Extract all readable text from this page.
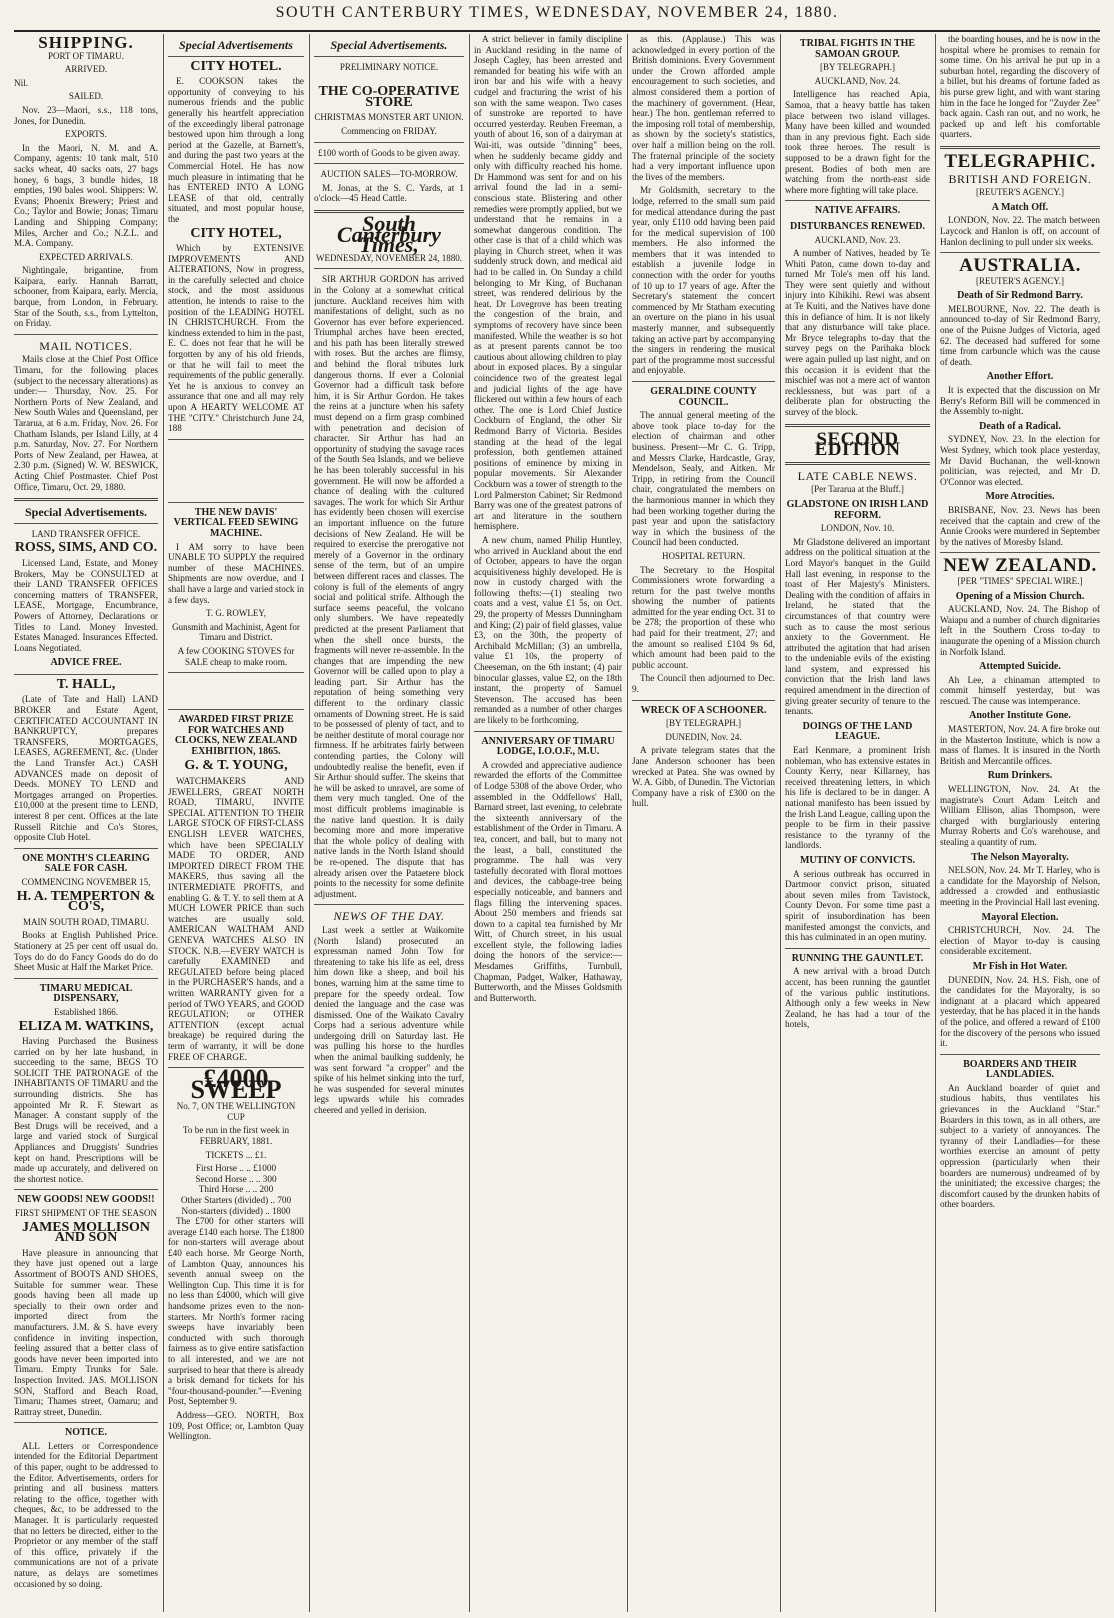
SOUTH CANTERBURY TIMES, WEDNESDAY, NOVEMBER 24, 1880.
SHIPPING.
PORT OF TIMARU.
ARRIVED.

Nil.

SAILED.

Nov. 23—Maori, s.s., 118 tons, Jones, for Dunedin.

EXPORTS.

In the Maori, N. M. and A. Company, agents: 10 tank malt, 510 sacks wheat, 40 sacks oats, 27 bags honey, 6 bags, 3 bundle hides, 18 empties, 190 bales wool. Shippers: W. Evans; Phoenix Brewery; Priest and Co.; Taylor and Bowie; Jonas; Timaru Landing and Shipping Company; Miles, Archer and Co.; N.Z.L. and M.A. Company.

EXPECTED ARRIVALS.

Nightingale, brigantine, from Kaipara, early. Hannah Barratt, schooner, from Kaipara, early. Mercia, barque, from London, in February. Star of the South, s.s., from Lyttelton, on Friday.

MAIL NOTICES.

Mails close at the Chief Post Office Timaru, for the following places (subject to the necessary alterations) as under:— Thursday, Nov. 25. For Northern Ports of New Zealand, and New South Wales and Queensland, per Tararua, at 6 a.m. Friday, Nov. 26. For Chatham Islands, per Island Lilly, at 4 p.m. Saturday, Nov. 27. For Northern Ports of New Zealand, per Hawea, at 2.30 p.m. (Signed) W. W. BESWICK, Acting Chief Postmaster. Chief Post Office, Timaru, Oct. 29, 1880.

Special Advertisements.
LAND TRANSFER OFFICE.
ROSS, SIMS, AND CO.

Licensed Land, Estate, and Money Brokers, May be CONSULTED at their LAND TRANSFER OFFICES concerning matters of TRANSFER, LEASE, Mortgage, Encumbrance, Powers of Attorney, Declarations or Titles to Land. Money Invested. Estates Managed. Insurances Effected. Loans Negotiated.

ADVICE FREE.
T. HALL,

(Late of Tate and Hall) LAND BROKER and Estate Agent, CERTIFICATED ACCOUNTANT IN BANKRUPTCY, prepares TRANSFERS, MORTGAGES, LEASES, AGREEMENT, &c. (Under the Land Transfer Act.) CASH ADVANCES made on deposit of Deeds. MONEY TO LEND and Mortgages arranged on Properties. £10,000 at the present time to LEND, interest 8 per cent. Offices at the late Russell Ritchie and Co's Stores, opposite Club Hotel.

ONE MONTH'S CLEARING SALE FOR CASH.
COMMENCING NOVEMBER 15,
H. A. TEMPERTON & CO'S,
MAIN SOUTH ROAD, TIMARU.

Books at English Published Price. Stationery at 25 per cent off usual do. Toys do do do Fancy Goods do do do Sheet Music at Half the Market Price.

TIMARU MEDICAL DISPENSARY,
Established 1866.
ELIZA M. WATKINS,

Having Purchased the Business carried on by her late husband, in succeeding to the same, BEGS TO SOLICIT THE PATRONAGE of the INHABITANTS OF TIMARU and the surrounding districts. She has appointed Mr R. F. Stewart as Manager. A constant supply of the Best Drugs will be received, and a large and varied stock of Surgical Appliances and Druggists' Sundries kept on hand. Prescriptions will be made up accurately, and delivered on the shortest notice.

NEW GOODS! NEW GOODS!!
FIRST SHIPMENT OF THE SEASON
JAMES MOLLISON AND SON

Have pleasure in announcing that they have just opened out a large Assortment of BOOTS AND SHOES, Suitable for summer wear. These goods having been all made up specially to their own order and imported direct from the manufacturers. J.M. & S. have every confidence in inviting inspection, feeling assured that a better class of goods have never been imported into Timaru. Empty Trunks for Sale. Inspection Invited. JAS. MOLLISON SON, Stafford and Beach Road, Timaru; Thames street, Oamaru; and Rattray street, Dunedin.

NOTICE.

ALL Letters or Correspondence intended for the Editorial Department of this paper, ought to be addressed to the Editor. Advertisements, orders for printing and all business matters relating to the office, together with cheques, &c, to be addressed to the Manager. It is particularly requested that no letters be directed, either to the Proprietor or any member of the staff of this office, privately if the communications are not of a private nature, as delays are sometimes occasioned by so doing.

Special Advertisements
CITY HOTEL.

E. COOKSON takes the opportunity of conveying to his numerous friends and the public generally his heartfelt appreciation of the exceedingly liberal patronage bestowed upon him through a long period at the Gazelle, at Barnett's, and during the past two years at the Commercial Hotel. He has now much pleasure in intimating that he has ENTERED INTO A LONG LEASE of that old, centrally situated, and most popular house, the

CITY HOTEL,

Which by EXTENSIVE IMPROVEMENTS AND ALTERATIONS, Now in progress, in the carefully selected and choice stock, and the most assiduous attention, he intends to raise to the position of the LEADING HOTEL IN CHRISTCHURCH. From the kindness extended to him in the past, E. C. does not fear that he will be forgotten by any of his old friends, or that he will fail to meet the requirements of the public generally. Yet he is anxious to convey an assurance that one and all may rely upon A HEARTY WELCOME AT THE "CITY." Christchurch June 24, 188

THE NEW DAVIS' VERTICAL FEED SEWING MACHINE.

I AM sorry to have been UNABLE TO SUPPLY the required number of these MACHINES. Shipments are now overdue, and I shall have a large and varied stock in a few days.

T. G. ROWLEY,
Gunsmith and Machinist, Agent for Timaru and District.

A few COOKING STOVES for SALE cheap to make room.

AWARDED FIRST PRIZE FOR WATCHES AND CLOCKS, NEW ZEALAND EXHIBITION, 1865.
G. & T. YOUNG,

WATCHMAKERS AND JEWELLERS, GREAT NORTH ROAD, TIMARU, INVITE SPECIAL ATTENTION TO THEIR LARGE STOCK OF FIRST-CLASS ENGLISH LEVER WATCHES, which have been SPECIALLY MADE TO ORDER, AND IMPORTED DIRECT FROM THE MAKERS, thus saving all the INTERMEDIATE PROFITS, and enabling G. & T. Y. to sell them at A MUCH LOWER PRICE than such watches are usually sold. AMERICAN WALTHAM AND GENEVA WATCHES ALSO IN STOCK. N.B.—EVERY WATCH is carefully EXAMINED and REGULATED before being placed in the PURCHASER'S hands, and a written WARRANTY given for a period of TWO YEARS, and GOOD REGULATION; or OTHER ATTENTION (except actual breakage) be required during the term of warranty, it will be done FREE OF CHARGE.

£4000 SWEEP
No. 7, ON THE WELLINGTON CUP

To be run in the first week in FEBRUARY, 1881.

TICKETS ... £1.

First Horse .. .. £1000
Second Horse .. .. 300
Third Horse .. .. 200
Other Starters (divided) .. 700
Non-starters (divided) .. 1800

The £700 for other starters will average £140 each horse. The £1800 for non-starters will average about £40 each horse. Mr George North, of Lambton Quay, announces his seventh annual sweep on the Wellington Cup. This time it is for no less than £4000, which will give handsome prizes even to the non-starters. Mr North's former racing sweeps have invariably been conducted with such thorough fairness as to give entire satisfaction to all interested, and we are not surprised to hear that there is already a brisk demand for tickets for his "four-thousand-pounder."—Evening Post, September 9.

Address—GEO. NORTH, Box 109, Post Office; or, Lambton Quay Wellington.

Special Advertisements.
PRELIMINARY NOTICE.
THE CO-OPERATIVE STORE
CHRISTMAS MONSTER ART UNION.
Commencing on FRIDAY.
£100 worth of Goods to be given away.
AUCTION SALES—TO-MORROW.

M. Jonas, at the S. C. Yards, at 1 o'clock—45 Head Cattle.

South Canterbury Times,
WEDNESDAY, NOVEMBER 24, 1880.

SIR ARTHUR GORDON has arrived in the Colony at a somewhat critical juncture. Auckland receives him with manifestations of delight, such as no Governor has ever before experienced. Triumphal arches have been erected, and his path has been literally strewed with roses. But the arches are flimsy, and behind the floral tributes lurk dangerous thorns. If ever a Colonial Governor had a difficult task before him, it is Sir Arthur Gordon. He takes the reins at a juncture when his safety must depend on a firm grasp combined with penetration and decision of character. Sir Arthur has had an opportunity of studying the savage races of the South Sea Islands, and we believe he has been tolerably successful in his government. He will now be afforded a chance of dealing with the cultured savages. The work for which Sir Arthur has evidently been chosen will exercise an important influence on the future decisions of New Zealand. He will be required to exercise the prerogative not merely of a Governor in the ordinary sense of the term, but of an umpire between different races and classes. The colony is full of the elements of angry social and political strife. Although the surface seems peaceful, the volcano only slumbers. We have repeatedly predicted at the present Parliament that when the shell once bursts, the fragments will never re-assemble. In the changes that are impending the new Governor will be called upon to play a leading part. Sir Arthur has the reputation of being something very different to the ordinary classic ornaments of Downing street. He is said to be possessed of plenty of tact, and to be neither destitute of moral courage nor firmness. If he arbitrates fairly between contending parties, the Colony will undoubtedly realise the benefit, even if Sir Arthur should suffer. The skeins that he will be asked to unravel, are some of them very much tangled. One of the most difficult problems imaginable is the native land question. It is daily becoming more and more imperative that the whole policy of dealing with native lands in the North Island should be re-opened. The dispute that has already arisen over the Pataetere block points to the necessity for some definite adjustment.

NEWS OF THE DAY.

Last week a settler at Waikomite (North Island) prosecuted an expressman named John Tow for threatening to take his life as eel, dress him down like a sheep, and boil his bones, warning him at the same time to prepare for the speedy ordeal. Tow denied the language and the case was dismissed. One of the Waikato Cavalry Corps had a serious adventure while undergoing drill on Saturday last. He was pulling his horse to the hurdles when the animal baulking suddenly, he was sent forward "a cropper" and the spike of his helmet sinking into the turf, he was suspended for several minutes legs upwards while his comrades cheered and yelled in derision.

A strict believer in family discipline in Auckland residing in the name of Joseph Cagley, has been arrested and remanded for beating his wife with an iron bar and his wife with a heavy cudgel and fracturing the wrist of his son with the same weapon. Two cases of sunstroke are reported to have occurred yesterday. Reuben Freeman, a youth of about 16, son of a dairyman at Wai-iti, was outside "dinning" bees, when he suddenly became giddy and only with difficulty reached his home. Dr Hammond was sent for and on his arrival found the lad in a semi-conscious state. Blistering and other remedies were promptly applied, but we understand that he remains in a somewhat dangerous condition. The other case is that of a child which was playing in Church street, when it was suddenly struck down, and medical aid had to be called in. On Sunday a child belonging to Mr King, of Buchanan street, was rendered delirious by the heat. Dr Lovegrove has been treating the congestion of the brain, and symptoms of recovery have since been manifested. While the weather is so hot as at present parents cannot be too cautious about allowing children to play about in exposed places. By a singular coincidence two of the greatest legal and judicial lights of the age have flickered out within a few hours of each other. The one is Lord Chief Justice Cockburn of England, the other Sir Redmond Barry of Victoria. Besides standing at the head of the legal profession, both gentlemen attained positions of eminence by mixing in popular movements. Sir Alexander Cockburn was a tower of strength to the Lord Palmerston Cabinet; Sir Redmond Barry was one of the greatest patrons of art and literature in the southern hemisphere.

A new chum, named Philip Huntley, who arrived in Auckland about the end of October, appears to have the organ acquisitiveness highly developed. He is now in custody charged with the following thefts:—(1) stealing two coats and a vest, value £1 5s, on Oct. 29, the property of Messrs Dunningham and King; (2) pair of field glasses, value £3, on the 30th, the property of Archibald McMillan; (3) an umbrella, value £1 10s, the property of Cheeseman, on the 6th instant; (4) pair binocular glasses, value £2, on the 18th instant, the property of Samuel Stevenson. The accused has been remanded as a number of other charges are likely to be forthcoming.

ANNIVERSARY OF TIMARU LODGE, I.O.O.F., M.U.

A crowded and appreciative audience rewarded the efforts of the Committee of Lodge 5308 of the above Order, who assembled in the Oddfellows' Hall, Barnard street, last evening, to celebrate the sixteenth anniversary of the establishment of the Order in Timaru. A tea, concert, and ball, but to many not the least, a ball, constituted the programme. The hall was very tastefully decorated with floral mottoes and devices, the cabbage-tree being especially noticeable, and banners and flags filling the intervening spaces. About 250 members and friends sat down to a capital tea furnished by Mr Witt, of Church street, in his usual excellent style, the following ladies doing the honors of the service:—Mesdames Griffiths, Turnbull, Chapman, Padget, Walker, Hathaway, Butterworth, and the Misses Goldsmith and Butterworth.

as this. (Applause.) This was acknowledged in every portion of the British dominions. Every Government under the Crown afforded ample encouragement to such societies, and almost considered them a portion of the machinery of government. (Hear, hear.) The hon. gentleman referred to the imposing roll total of membership, as shown by the society's statistics, over half a million being on the roll. The fraternal principle of the society had a very important influence upon the lives of the members.

Mr Goldsmith, secretary to the lodge, referred to the small sum paid for medical attendance during the past year, only £110 odd having been paid for the medical supervision of 100 members. He also informed the members that it was intended to establish a juvenile lodge in connection with the order for youths of 10 up to 17 years of age. After the Secretary's statement the concert commenced by Mr Statham executing an overture on the piano in his usual masterly manner, and subsequently taking an active part by accompanying the singers in rendering the musical part of the programme most successful and enjoyable.

GERALDINE COUNTY COUNCIL.

The annual general meeting of the above took place to-day for the election of chairman and other business. Present—Mr C. G. Tripp, and Messrs Clarke, Hardcastle, Gray, Mendelson, Sealy, and Aitken. Mr Tripp, in retiring from the Council chair, congratulated the members on the harmonious manner in which they had been working together during the past year and upon the satisfactory way in which the business of the Council had been conducted.

HOSPITAL RETURN.

The Secretary to the Hospital Commissioners wrote forwarding a return for the past twelve months showing the number of patients admitted for the year ending Oct. 31 to be 278; the proportion of these who had paid for their treatment, 27; and the amount so realised £104 9s 6d, which amount had been paid to the public account.

The Council then adjourned to Dec. 9.

WRECK OF A SCHOONER.
[BY TELEGRAPH.]
DUNEDIN, Nov. 24.

A private telegram states that the Jane Anderson schooner has been wrecked at Patea. She was owned by W. A. Gibb, of Dunedin. The Victorian Company have a risk of £300 on the hull.

TRIBAL FIGHTS IN THE SAMOAN GROUP.
[BY TELEGRAPH.]
AUCKLAND, Nov. 24.

Intelligence has reached Apia, Samoa, that a heavy battle has taken place between two island villages. Many have been killed and wounded than in any previous fight. Each side took three heroes. The result is supposed to be a drawn fight for the present. Bodies of both men are watching from the north-east side where more fighting will take place.

NATIVE AFFAIRS.
DISTURBANCES RENEWED.
AUCKLAND, Nov. 23.

A number of Natives, headed by Te Whiti Paton, came down to-day and turned Mr Tole's men off his land. They were sent quietly and without injury into Kihikihi. Rewi was absent at Te Kuiti, and the Natives have done this in defiance of him. It is not likely that any disturbance will take place. Mr Bryce telegraphs to-day that the survey pegs on the Parihaka block were again pulled up last night, and on this occasion it is evident that the mischief was not a mere act of wanton recklessness, but was part of a deliberate plan for obstructing the survey of the block.

SECOND EDITION
LATE CABLE NEWS.
[Per Tararua at the Bluff.]
GLADSTONE ON IRISH LAND REFORM.
LONDON, Nov. 10.

Mr Gladstone delivered an important address on the political situation at the Lord Mayor's banquet in the Guild Hall last evening, in response to the toast of Her Majesty's Ministers. Dealing with the condition of affairs in Ireland, he stated that the circumstances of that country were such as to cause the most serious anxiety to the Government. He attributed the agitation that had arisen to the undeniable evils of the existing land system, and expressed his conviction that the Irish land laws required amendment in the direction of giving greater security of tenure to the tenants.

DOINGS OF THE LAND LEAGUE.

Earl Kenmare, a prominent Irish nobleman, who has extensive estates in County Kerry, near Killarney, has received threatening letters, in which his life is declared to be in danger. A national manifesto has been issued by the Irish Land League, calling upon the people to be firm in their passive resistance to the tyranny of the landlords.

MUTINY OF CONVICTS.

A serious outbreak has occurred in Dartmoor convict prison, situated about seven miles from Tavistock, County Devon. For some time past a spirit of insubordination has been manifested amongst the convicts, and this has culminated in an open mutiny.

RUNNING THE GAUNTLET.

A new arrival with a broad Dutch accent, has been running the gauntlet of the various public institutions. Although only a few weeks in New Zealand, he has had a tour of the hotels,

the boarding houses, and he is now in the hospital where he promises to remain for some time. On his arrival he put up in a suburban hotel, regarding the discovery of a billet, but his dreams of fortune faded as his purse grew light, and with want staring him in the face he longed for "Zuyder Zee" back again. Cash ran out, and no work, he packed up and left his comfortable quarters.

TELEGRAPHIC.
BRITISH AND FOREIGN.
[REUTER'S AGENCY.]
A Match Off.

LONDON, Nov. 22. The match between Laycock and Hanlon is off, on account of Hanlon declining to pull under six weeks.

AUSTRALIA.
[REUTER'S AGENCY.]
Death of Sir Redmond Barry.

MELBOURNE, Nov. 22. The death is announced to-day of Sir Redmond Barry, one of the Puisne Judges of Victoria, aged 62. The deceased had suffered for some time from carbuncle which was the cause of death.

Another Effort.

It is expected that the discussion on Mr Berry's Reform Bill will be commenced in the Assembly to-night.

Death of a Radical.

SYDNEY, Nov. 23. In the election for West Sydney, which took place yesterday, Mr David Buchanan, the well-known politician, was rejected, and Mr D. O'Connor was elected.

More Atrocities.

BRISBANE, Nov. 23. News has been received that the captain and crew of the Annie Crooks were murdered in September by the natives of Moresby Island.

NEW ZEALAND.
[PER "TIMES" SPECIAL WIRE.]
Opening of a Mission Church.

AUCKLAND, Nov. 24. The Bishop of Waiapu and a number of church dignitaries left in the Southern Cross to-day to inaugurate the opening of a Mission church in Norfolk Island.

Attempted Suicide.

Ah Lee, a chinaman attempted to commit himself yesterday, but was rescued. The cause was intemperance.

Another Institute Gone.

MASTERTON, Nov. 24. A fire broke out in the Masterton Institute, which is now a mass of flames. It is insured in the North British and Mercantile offices.

Rum Drinkers.

WELLINGTON, Nov. 24. At the magistrate's Court Adam Leitch and William Ellison, alias Thompson, were charged with burglariously entering Murray Roberts and Co's warehouse, and stealing a quantity of rum.

The Nelson Mayoralty.

NELSON, Nov. 24. Mr T. Harley, who is a candidate for the Mayorship of Nelson, addressed a crowded and enthusiastic meeting in the Provincial Hall last evening.

Mayoral Election.

CHRISTCHURCH, Nov. 24. The election of Mayor to-day is causing considerable excitement.

Mr Fish in Hot Water.

DUNEDIN, Nov. 24. H.S. Fish, one of the candidates for the Mayoralty, is so indignant at a placard which appeared yesterday, that he has placed it in the hands of the police, and offered a reward of £100 for the discovery of the persons who issued it.

BOARDERS AND THEIR LANDLADIES.

An Auckland boarder of quiet and studious habits, thus ventilates his grievances in the Auckland "Star." Boarders in this town, as in all others, are subject to a variety of annoyances. The tyranny of their Landladies—for these worthies exercise an amount of petty oppression (particularly when their boarders are numerous) undreamed of by the uninitiated; the excessive charges; the discomfort caused by the drunken habits of other boarders.
